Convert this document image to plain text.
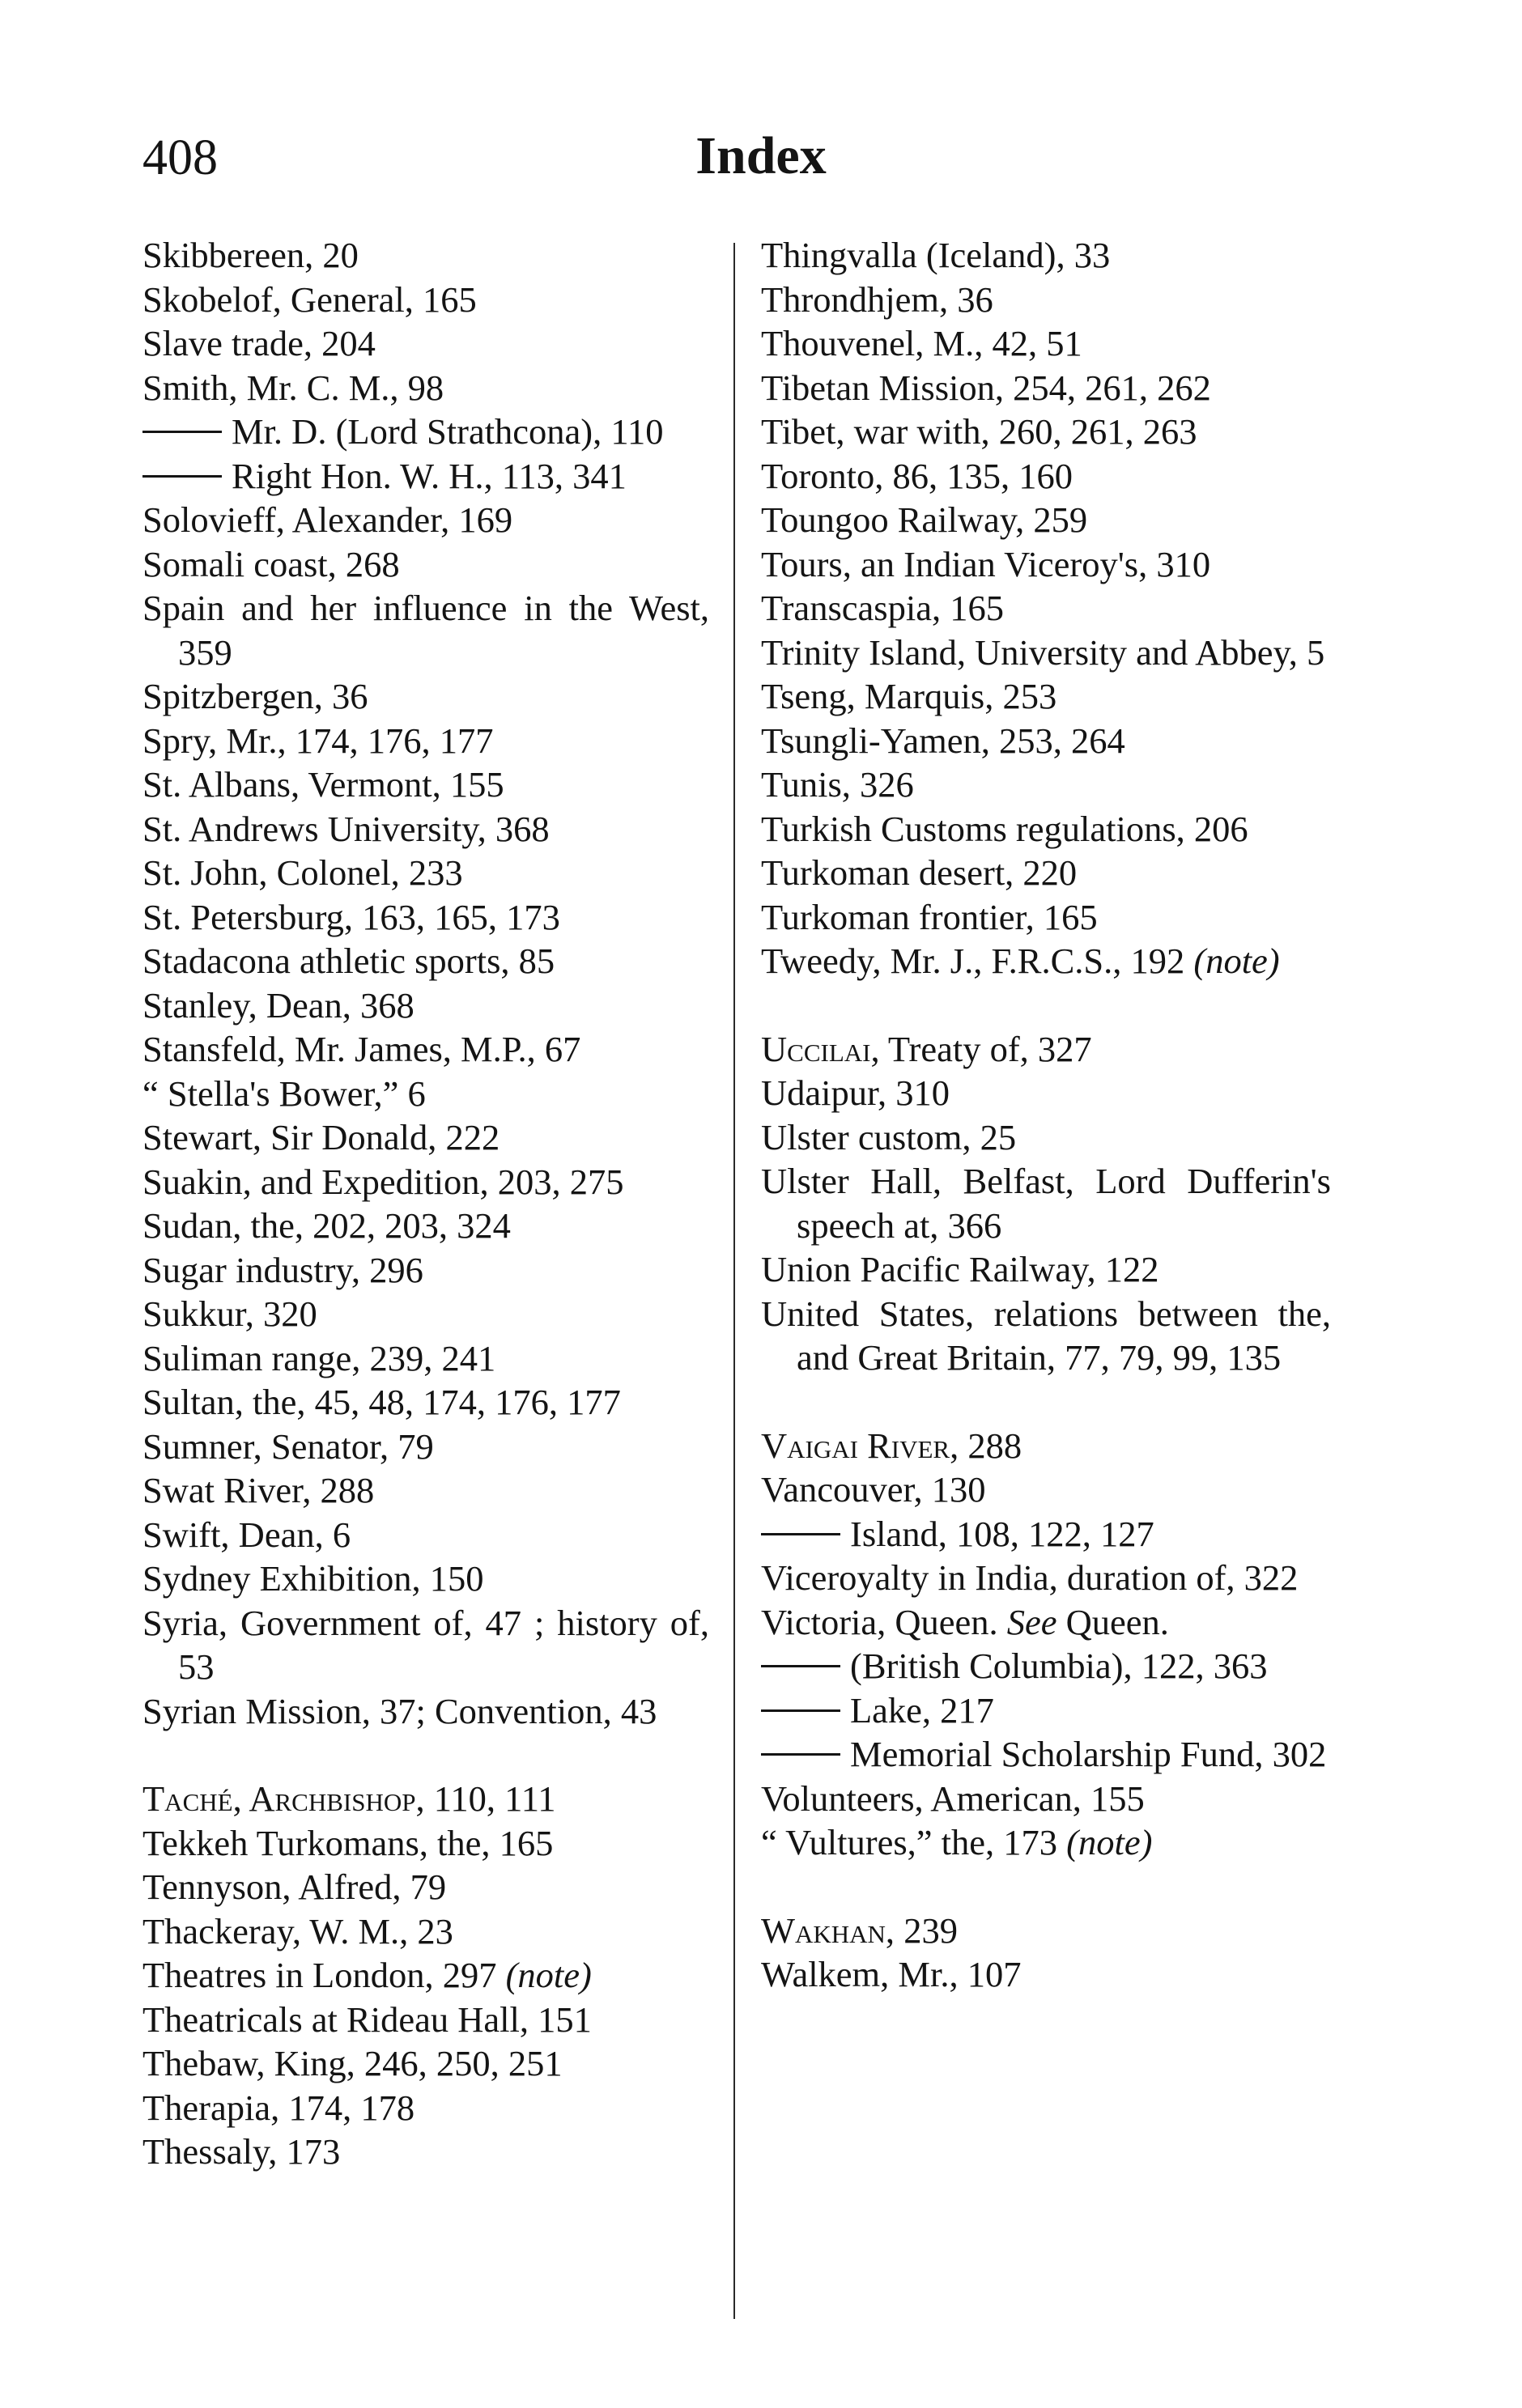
408	Index

Skibbereen, 20

Skobelof, General, 165

Slave trade, 204

Smith, Mr. C. M., 98

Mr. D. (Lord Strathcona), 110

Right Hon. W. H., 113, 341

Solovieff, Alexander, 169

Somali coast, 268

Spain and her influence in the West, 359

Spitzbergen, 36

Spry, Mr., 174, 176, 177

St. Albans, Vermont, 155

St. Andrews University, 368

St. John, Colonel, 233

St. Petersburg, 163, 165, 173

Stadacona athletic sports, 85

Stanley, Dean, 368

Stansfeld, Mr. James, M.P., 67

“ Stella's Bower,” 6

Stewart, Sir Donald, 222

Suakin, and Expedition, 203, 275

Sudan, the, 202, 203, 324

Sugar industry, 296

Sukkur, 320

Suliman range, 239, 241

Sultan, the, 45, 48, 174, 176, 177

Sumner, Senator, 79

Swat River, 288

Swift, Dean, 6

Sydney Exhibition, 150

Syria, Government of, 47 ; history of, 53

Syrian Mission, 37; Convention, 43

Taché, Archbishop, 110, 111

Tekkeh Turkomans, the, 165

Tennyson, Alfred, 79

Thackeray, W. M., 23

Theatres in London, 297 (note)

Theatricals at Rideau Hall, 151

Thebaw, King, 246, 250, 251

Therapia, 174, 178

Thessaly, 173

Thingvalla (Iceland), 33

Throndhjem, 36

Thouvenel, M., 42, 51

Tibetan Mission, 254, 261, 262

Tibet, war with, 260, 261, 263

Toronto, 86, 135, 160

Toungoo Railway, 259

Tours, an Indian Viceroy's, 310

Transcaspia, 165

Trinity Island, University and Abbey, 5

Tseng, Marquis, 253

Tsungli-Yamen, 253, 264

Tunis, 326

Turkish Customs regulations, 206

Turkoman desert, 220

Turkoman frontier, 165

Tweedy, Mr. J., F.R.C.S., 192 (note)

Uccilai, Treaty of, 327

Udaipur, 310

Ulster custom, 25

Ulster Hall, Belfast, Lord Dufferin's speech at, 366

Union Pacific Railway, 122

United States, relations between the, and Great Britain, 77, 79, 99, 135

Vaigai River, 288

Vancouver, 130

Island, 108, 122, 127

Viceroyalty in India, duration of, 322

Victoria, Queen. See Queen.

(British Columbia), 122, 363

Lake, 217

Memorial Scholarship Fund, 302

Volunteers, American, 155

“ Vultures,” the, 173 (note)

Wakhan, 239

Walkem, Mr., 107
